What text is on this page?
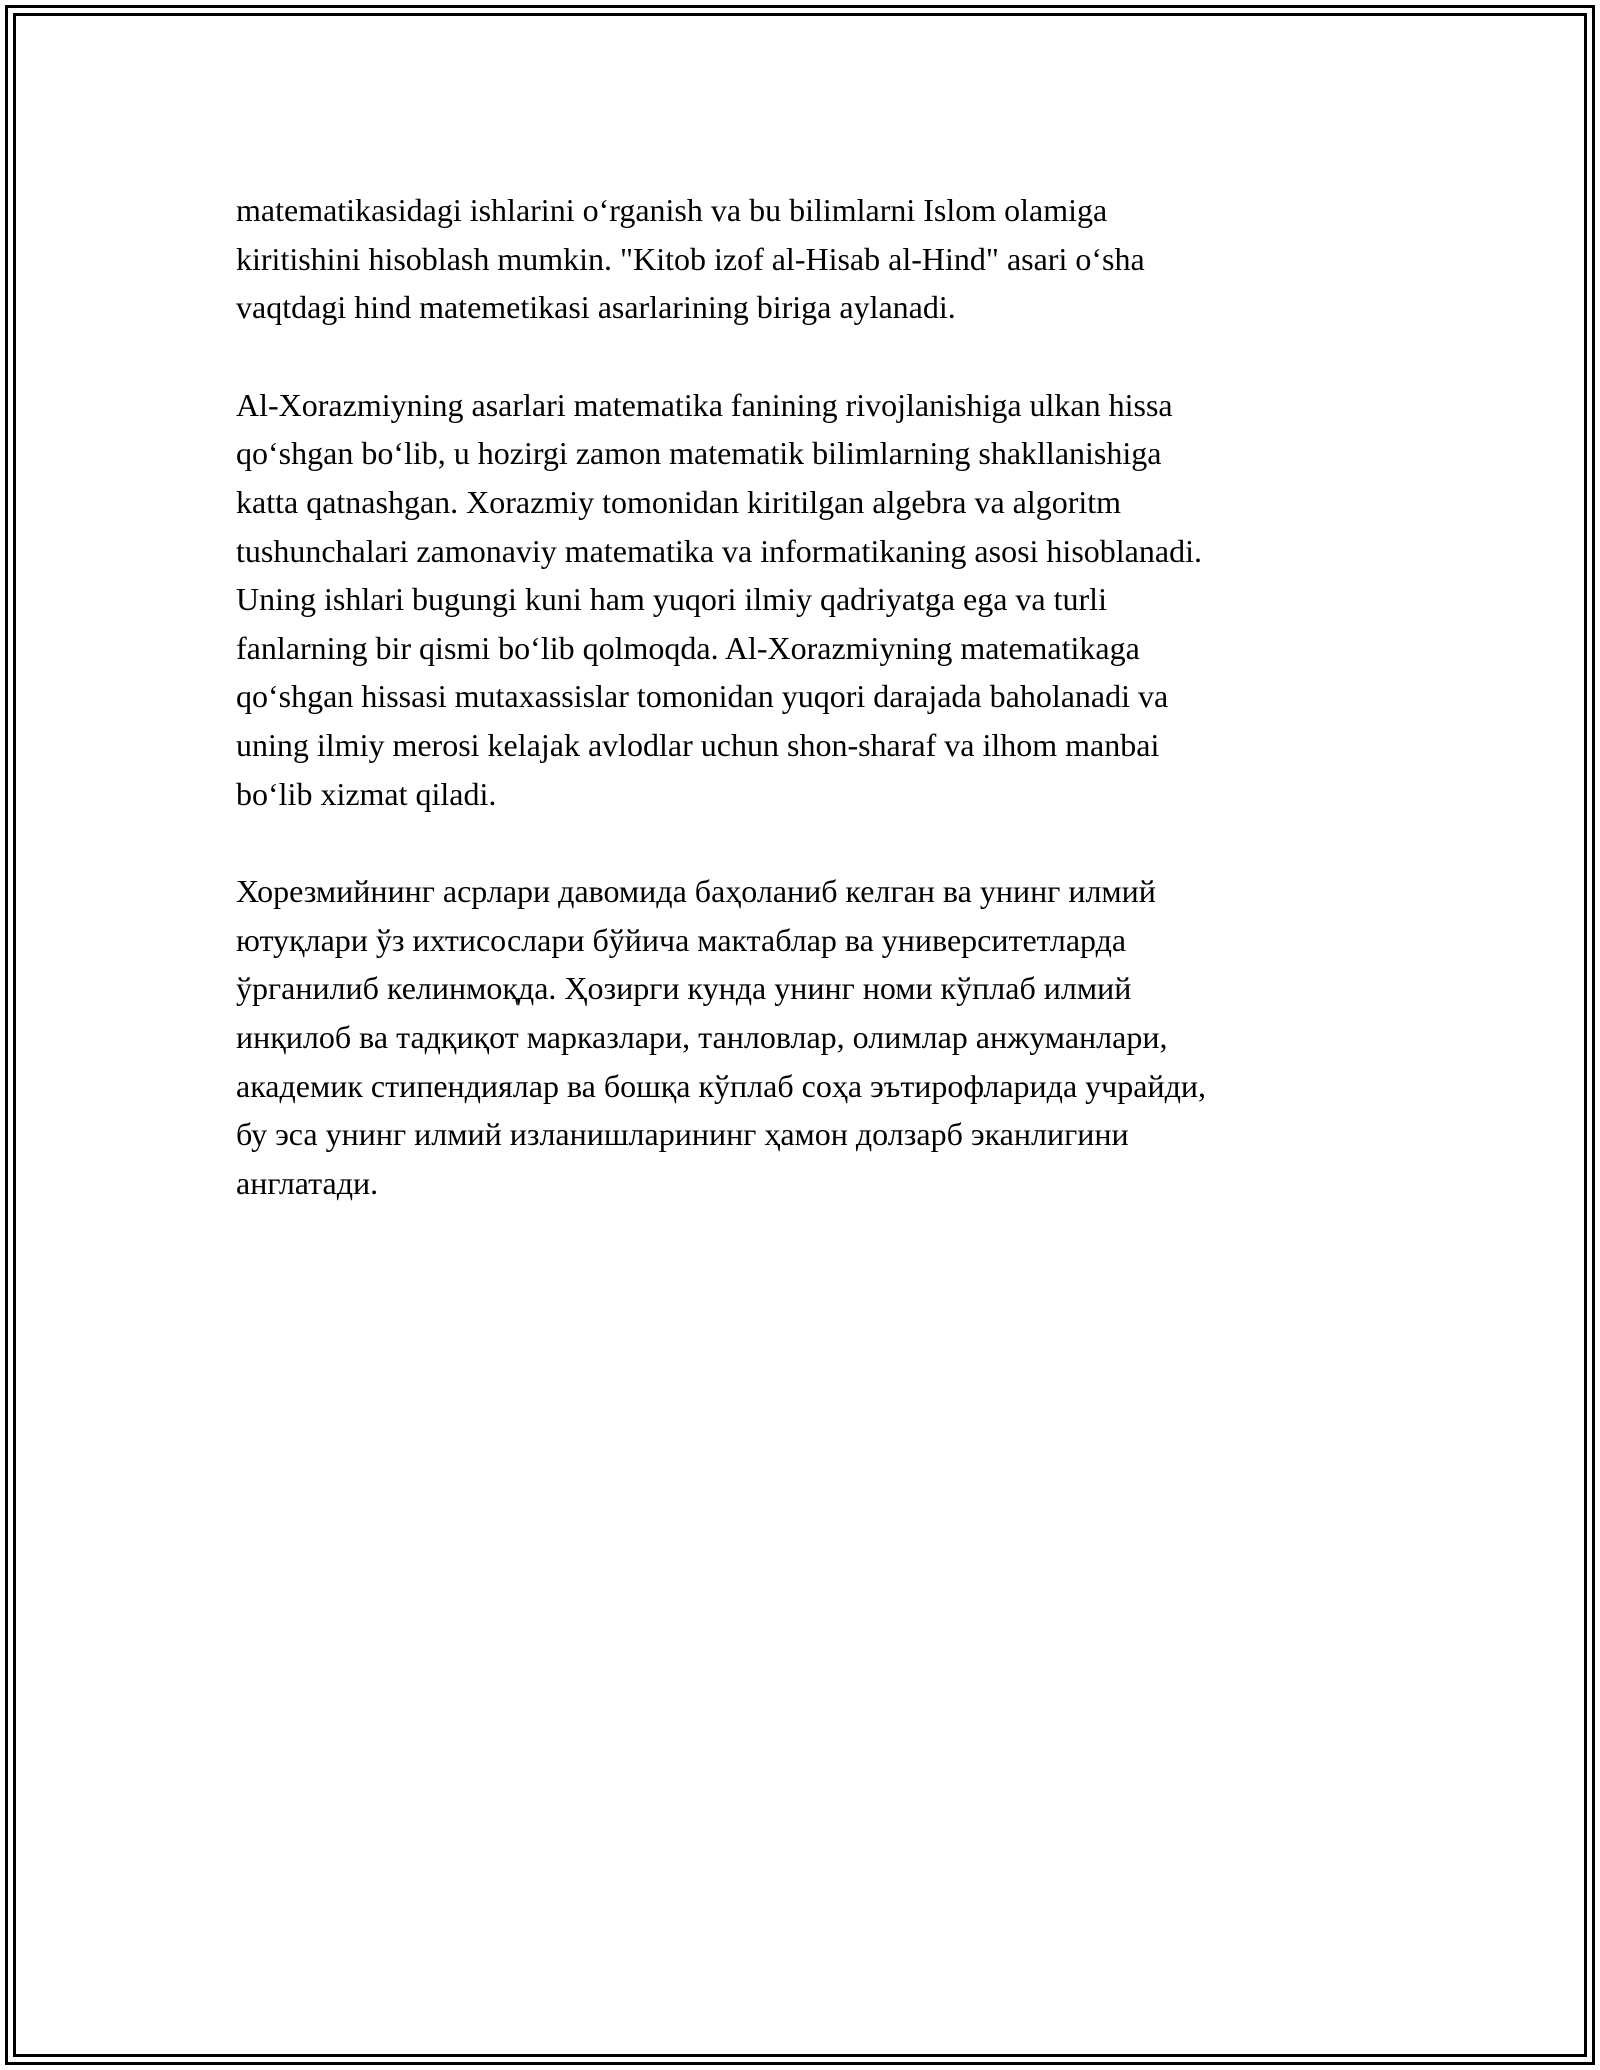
matematikasidagi ishlarini o‘rganish va bu bilimlarni Islom olamiga
kiritishini hisoblash mumkin. "Kitob izof al-Hisab al-Hind" asari o‘sha
vaqtdagi hind matemetikasi asarlarining biriga aylanadi.

Al-Xorazmiyning asarlari matematika fanining rivojlanishiga ulkan hissa
qo‘shgan bo‘lib, u hozirgi zamon matematik bilimlarning shakllanishiga
katta qatnashgan. Xorazmiy tomonidan kiritilgan algebra va algoritm
tushunchalari zamonaviy matematika va informatikaning asosi hisoblanadi.
Uning ishlari bugungi kuni ham yuqori ilmiy qadriyatga ega va turli
fanlarning bir qismi bo‘lib qolmoqda. Al-Xorazmiyning matematikaga
qo‘shgan hissasi mutaxassislar tomonidan yuqori darajada baholanadi va
uning ilmiy merosi kelajak avlodlar uchun shon-sharaf va ilhom manbai
bo‘lib xizmat qiladi.

Хорезмийнинг асрлари давомида баҳоланиб келган ва унинг илмий
ютуқлари ўз ихтисослари бўйича мактаблар ва университетларда
ўрганилиб келинмоқда. Ҳозирги кунда унинг номи кўплаб илмий
инқилоб ва тадқиқот марказлари, танловлар, олимлар анжуманлари,
академик стипендиялар ва бошқа кўплаб соҳа эътирофларида учрайди,
бу эса унинг илмий изланишларининг ҳамон долзарб эканлигини
англатади.
